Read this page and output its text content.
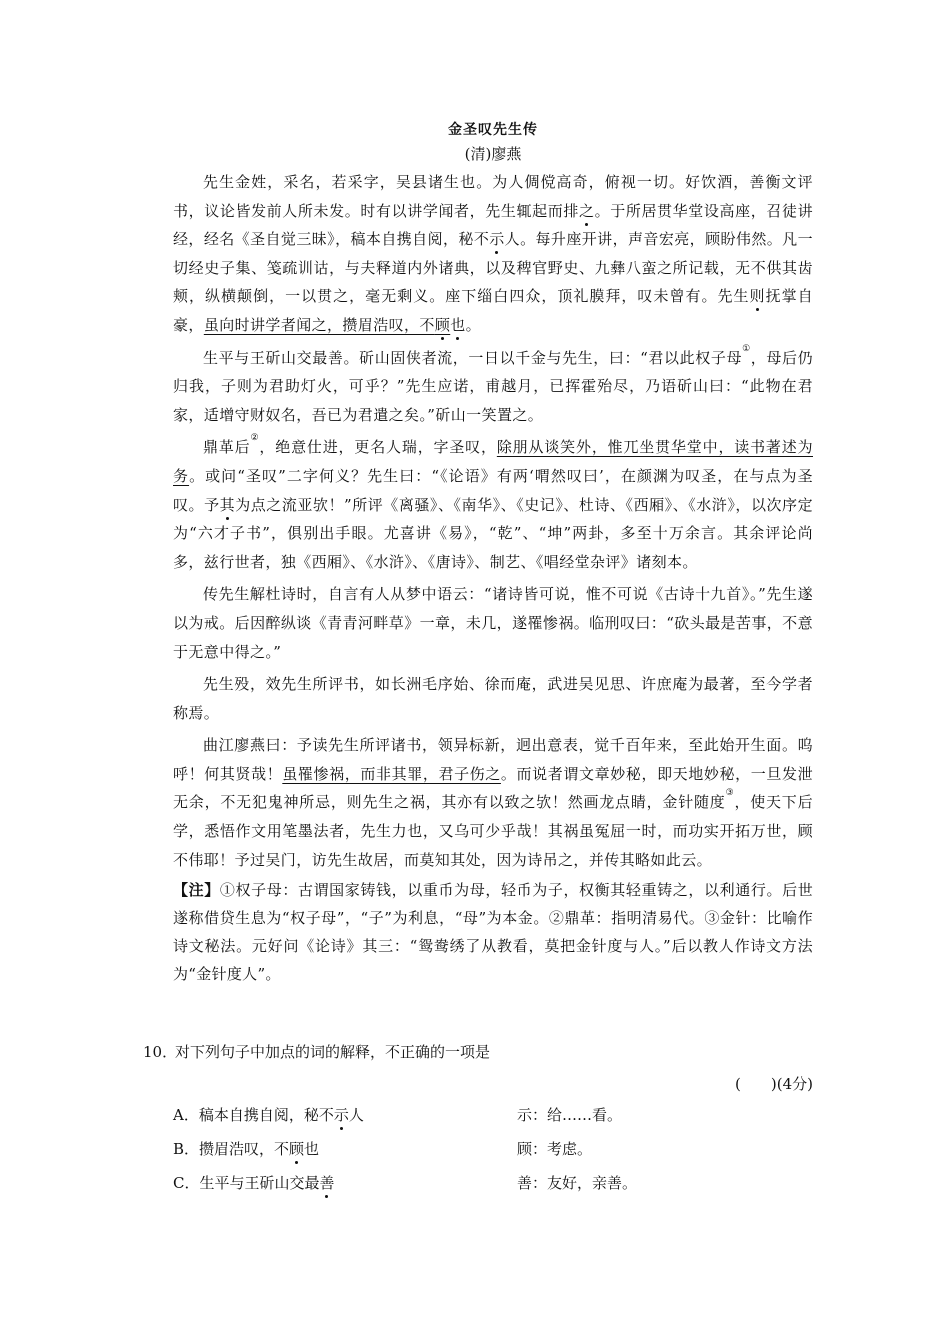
金圣叹先生传

(清)廖燕

先生金姓，采名，若采字，吴县诸生也。为人倜傥高奇，俯视一切。好饮酒，善衡文评书，议论皆发前人所未发。时有以讲学闻者，先生辄起而排之。于所居贯华堂设高座，召徒讲经，经名《圣自觉三昧》，稿本自携自阅，秘不示人。每升座开讲，声音宏亮，顾盼伟然。凡一切经史子集、笺疏训诂，与夫释道内外诸典，以及稗官野史、九彝八蛮之所记载，无不供其齿颊，纵横颠倒，一以贯之，毫无剩义。座下缁白四众，顶礼膜拜，叹未曾有。先生则抚掌自豪，虽向时讲学者闻之，攒眉浩叹，不顾也。

生平与王斫山交最善。斫山固侠者流，一日以千金与先生，曰：“君以此权子母①，母后仍归我，子则为君助灯火，可乎？”先生应诺，甫越月，已挥霍殆尽，乃语斫山曰：“此物在君家，适增守财奴名，吾已为君遣之矣。”斫山一笑置之。

鼎革后②，绝意仕进，更名人瑞，字圣叹，除朋从谈笑外，惟兀坐贯华堂中，读书著述为务。或问“圣叹”二字何义？先生曰：“《论语》有两‘喟然叹曰’，在颜渊为叹圣，在与点为圣叹。予其为点之流亚欤！”所评《离骚》、《南华》、《史记》、杜诗、《西厢》、《水浒》，以次序定为“六才子书”，俱别出手眼。尤喜讲《易》，“乾”、“坤”两卦，多至十万余言。其余评论尚多，兹行世者，独《西厢》、《水浒》、《唐诗》、制艺、《唱经堂杂评》诸刻本。

传先生解杜诗时，自言有人从梦中语云：“诸诗皆可说，惟不可说《古诗十九首》。”先生遂以为戒。后因醉纵谈《青青河畔草》一章，未几，遂罹惨祸。临刑叹曰：“砍头最是苦事，不意于无意中得之。”

先生殁，效先生所评书，如长洲毛序始、徐而庵，武进吴见思、许庶庵为最著，至今学者称焉。

曲江廖燕曰：予读先生所评诸书，领异标新，迥出意表，觉千百年来，至此始开生面。呜呼！何其贤哉！虽罹惨祸，而非其罪，君子伤之。而说者谓文章妙秘，即天地妙秘，一旦发泄无余，不无犯鬼神所忌，则先生之祸，其亦有以致之欤！然画龙点睛，金针随度③，使天下后学，悉悟作文用笔墨法者，先生力也，又乌可少乎哉！其祸虽冤屈一时，而功实开拓万世，顾不伟耶！予过吴门，访先生故居，而莫知其处，因为诗吊之，并传其略如此云。

【注】①权子母：古谓国家铸钱，以重币为母，轻币为子，权衡其轻重铸之，以利通行。后世遂称借贷生息为“权子母”，“子”为利息，“母”为本金。②鼎革：指明清易代。③金针：比喻作诗文秘法。元好问《论诗》其三：“鸳鸯绣了从教看，莫把金针度与人。”后以教人作诗文方法为“金针度人”。

10．对下列句子中加点的词的解释，不正确的一项是

(　　)(4分)

A．稿本自携自阅，秘不示人	示：给……看。
B．攒眉浩叹，不顾也	顾：考虑。
C．生平与王斫山交最善	善：友好，亲善。
